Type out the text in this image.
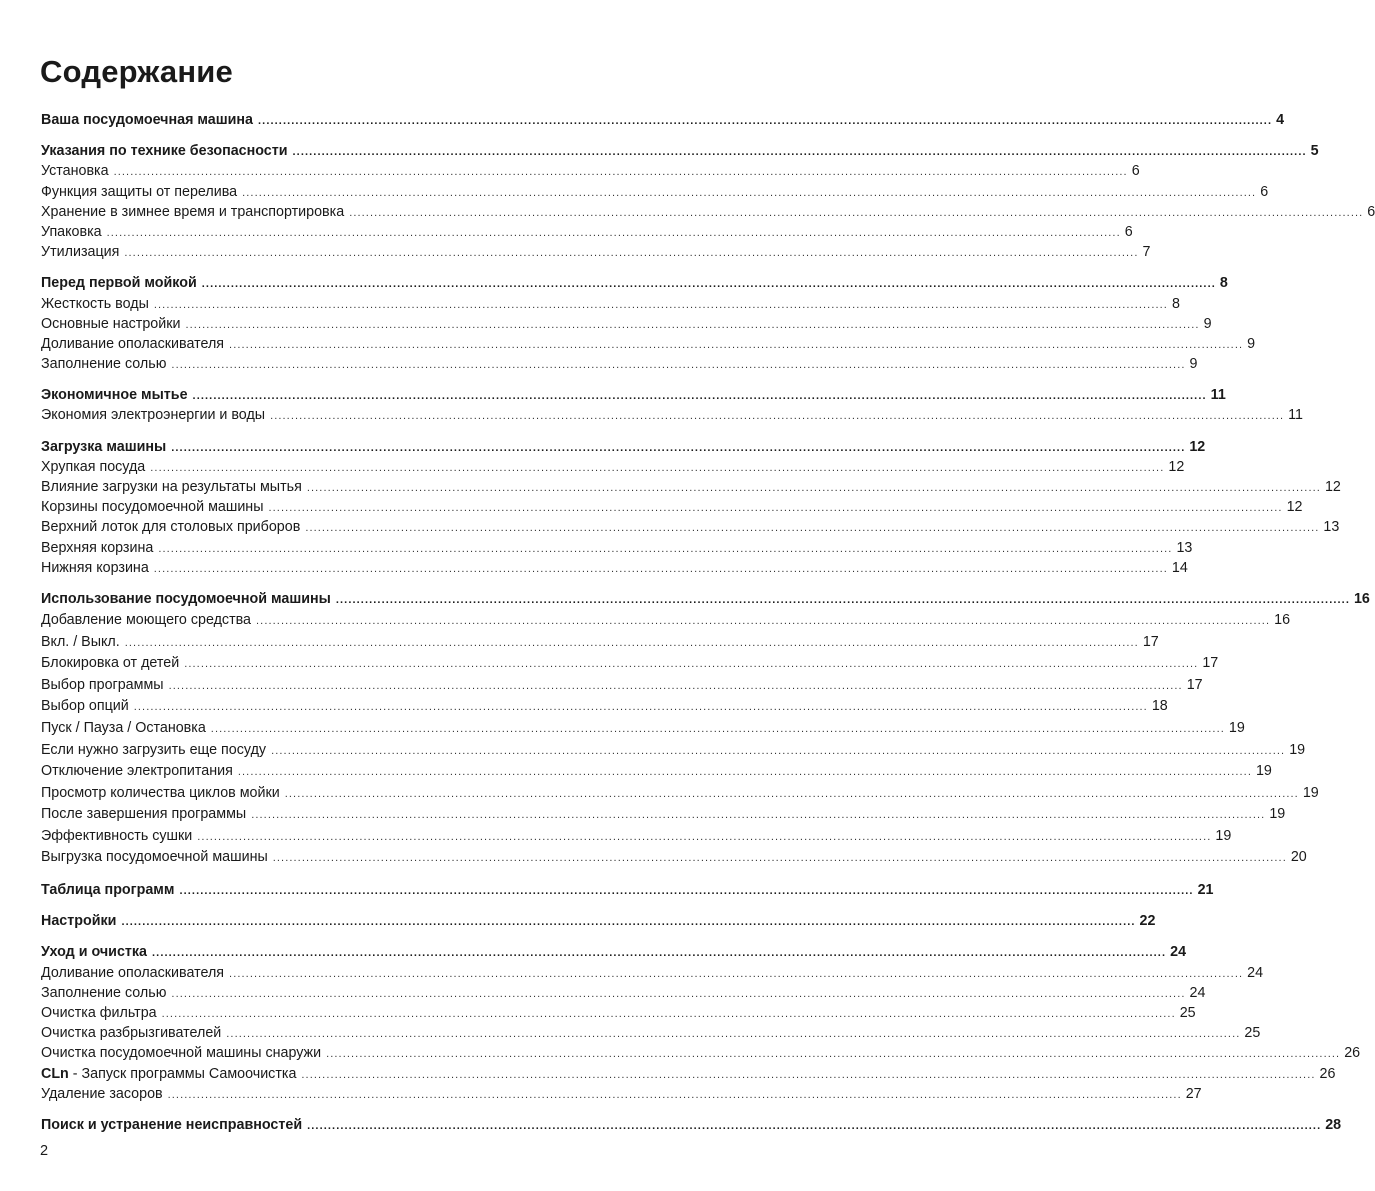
Содержание
Ваша посудомоечная машина .................................................................................................................................................................................................................................................... 4
Указания по технике безопасности .................................................................................................................................................................................................................................................... 5
Установка .................................................................................................................................................................................................................................................... 6
Функция защиты от перелива .................................................................................................................................................................................................................................................... 6
Хранение в зимнее время и транспортировка .................................................................................................................................................................................................................................................... 6
Упаковка .................................................................................................................................................................................................................................................... 6
Утилизация .................................................................................................................................................................................................................................................... 7
Перед первой мойкой .................................................................................................................................................................................................................................................... 8
Жесткость воды .................................................................................................................................................................................................................................................... 8
Основные настройки .................................................................................................................................................................................................................................................... 9
Доливание ополаскивателя .................................................................................................................................................................................................................................................... 9
Заполнение солью .................................................................................................................................................................................................................................................... 9
Экономичное мытье .................................................................................................................................................................................................................................................... 11
Экономия электроэнергии и воды .................................................................................................................................................................................................................................................... 11
Загрузка машины .................................................................................................................................................................................................................................................... 12
Хрупкая посуда .................................................................................................................................................................................................................................................... 12
Влияние загрузки на результаты мытья .................................................................................................................................................................................................................................................... 12
Корзины посудомоечной машины .................................................................................................................................................................................................................................................... 12
Верхний лоток для столовых приборов .................................................................................................................................................................................................................................................... 13
Верхняя корзина .................................................................................................................................................................................................................................................... 13
Нижняя корзина .................................................................................................................................................................................................................................................... 14
Использование посудомоечной машины .................................................................................................................................................................................................................................................... 16
Добавление моющего средства .................................................................................................................................................................................................................................................... 16
Вкл. / Выкл. .................................................................................................................................................................................................................................................... 17
Блокировка от детей .................................................................................................................................................................................................................................................... 17
Выбор программы .................................................................................................................................................................................................................................................... 17
Выбор опций .................................................................................................................................................................................................................................................... 18
Пуск / Пауза / Остановка .................................................................................................................................................................................................................................................... 19
Если нужно загрузить еще посуду .................................................................................................................................................................................................................................................... 19
Отключение электропитания .................................................................................................................................................................................................................................................... 19
Просмотр количества циклов мойки .................................................................................................................................................................................................................................................... 19
После завершения программы .................................................................................................................................................................................................................................................... 19
Эффективность сушки .................................................................................................................................................................................................................................................... 19
Выгрузка посудомоечной машины .................................................................................................................................................................................................................................................... 20
Таблица программ .................................................................................................................................................................................................................................................... 21
Настройки .................................................................................................................................................................................................................................................... 22
Уход и очистка .................................................................................................................................................................................................................................................... 24
Доливание ополаскивателя .................................................................................................................................................................................................................................................... 24
Заполнение солью .................................................................................................................................................................................................................................................... 24
Очистка фильтра .................................................................................................................................................................................................................................................... 25
Очистка разбрызгивателей .................................................................................................................................................................................................................................................... 25
Очистка посудомоечной машины снаружи .................................................................................................................................................................................................................................................... 26
CLn - Запуск программы Самоочистка .................................................................................................................................................................................................................................................... 26
Удаление засоров .................................................................................................................................................................................................................................................... 27
Поиск и устранение неисправностей .................................................................................................................................................................................................................................................... 28
2
